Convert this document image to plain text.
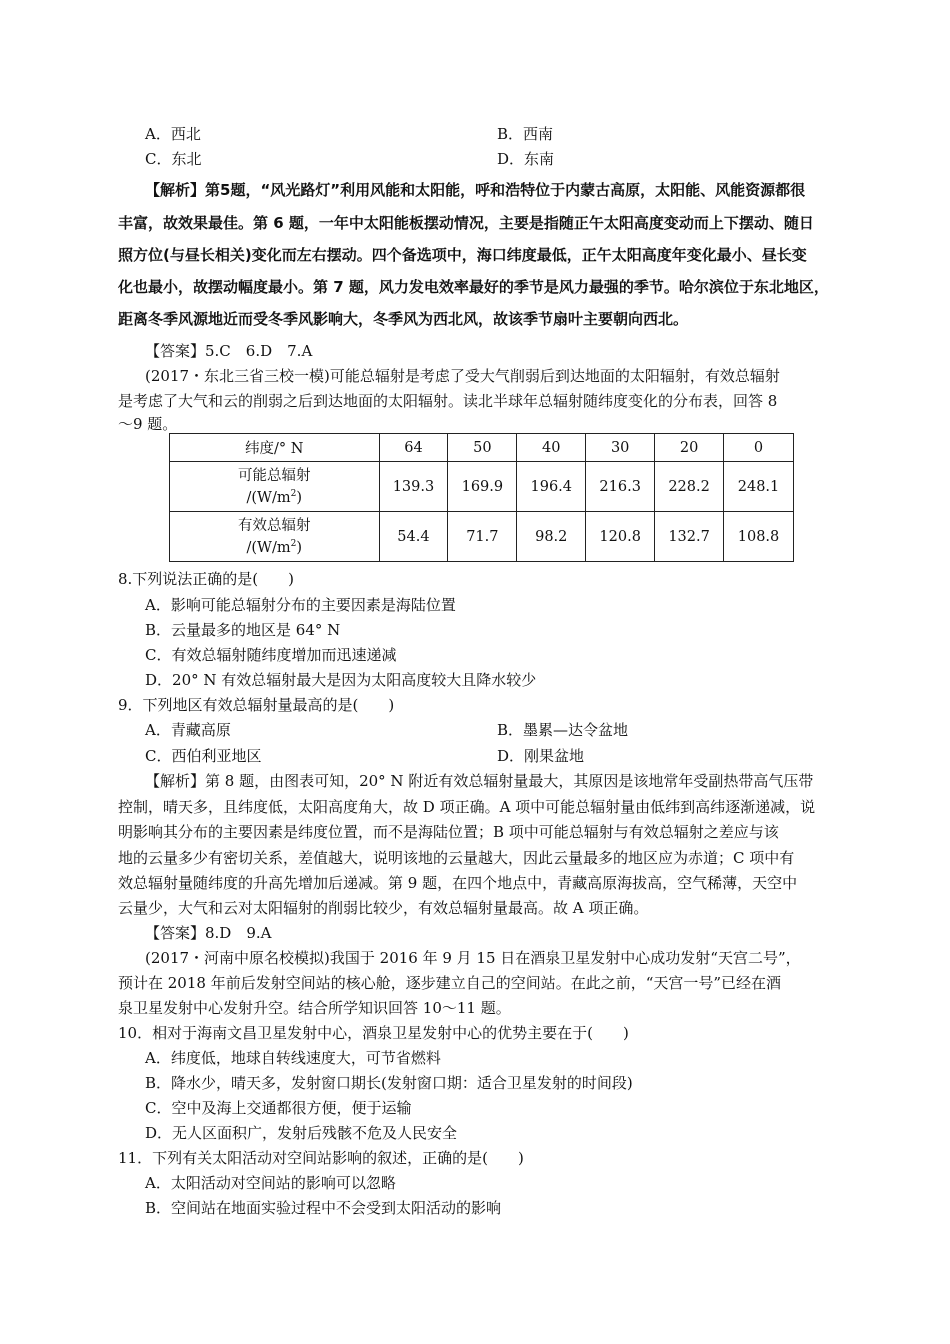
A．西北	B．西南
C．东北	D．东南
【解析】第5题，“风光路灯”利用风能和太阳能，呼和浩特位于内蒙古高原，太阳能、风能资源都很
丰富，故效果最佳。第 6 题，一年中太阳能板摆动情况，主要是指随正午太阳高度变动而上下摆动、随日
照方位(与昼长相关)变化而左右摆动。四个备选项中，海口纬度最低，正午太阳高度年变化最小、昼长变
化也最小，故摆动幅度最小。第 7 题，风力发电效率最好的季节是风力最强的季节。哈尔滨位于东北地区，
距离冬季风源地近而受冬季风影响大，冬季风为西北风，故该季节扇叶主要朝向西北。
【答案】5.C　6.D　7.A
(2017・东北三省三校一模)可能总辐射是考虑了受大气削弱后到达地面的太阳辐射，有效总辐射
是考虑了大气和云的削弱之后到达地面的太阳辐射。读北半球年总辐射随纬度变化的分布表，回答 8
～9 题。
纬度/° N	64	50	40	30	20	0

可能总辐射
$/(W/m^2)$	139.3	169.9	196.4	216.3	228.2	248.1

有效总辐射
$/(W/m^2)$	54.4	71.7	98.2	120.8	132.7	108.8
8.下列说法正确的是(　　)
A．影响可能总辐射分布的主要因素是海陆位置
B．云量最多的地区是 64° N
C．有效总辐射随纬度增加而迅速递减
D．20° N 有效总辐射最大是因为太阳高度较大且降水较少
9．下列地区有效总辐射量最高的是(　　)
A．青藏高原	B．墨累—达令盆地
C．西伯利亚地区	D．刚果盆地
【解析】第 8 题，由图表可知，20° N 附近有效总辐射量最大，其原因是该地常年受副热带高气压带
控制，晴天多，且纬度低，太阳高度角大，故 D 项正确。A 项中可能总辐射量由低纬到高纬逐渐递减，说
明影响其分布的主要因素是纬度位置，而不是海陆位置；B 项中可能总辐射与有效总辐射之差应与该
地的云量多少有密切关系，差值越大，说明该地的云量越大，因此云量最多的地区应为赤道；C 项中有
效总辐射量随纬度的升高先增加后递减。第 9 题，在四个地点中，青藏高原海拔高，空气稀薄，天空中
云量少，大气和云对太阳辐射的削弱比较少，有效总辐射量最高。故 A 项正确。
【答案】8.D　9.A
(2017・河南中原名校模拟)我国于 2016 年 9 月 15 日在酒泉卫星发射中心成功发射“天宫二号”，
预计在 2018 年前后发射空间站的核心舱，逐步建立自己的空间站。在此之前，“天宫一号”已经在酒
泉卫星发射中心发射升空。结合所学知识回答 10～11 题。
10．相对于海南文昌卫星发射中心，酒泉卫星发射中心的优势主要在于(　　)
A．纬度低，地球自转线速度大，可节省燃料
B．降水少，晴天多，发射窗口期长(发射窗口期：适合卫星发射的时间段)
C．空中及海上交通都很方便，便于运输
D．无人区面积广，发射后残骸不危及人民安全
11．下列有关太阳活动对空间站影响的叙述，正确的是(　　)
A．太阳活动对空间站的影响可以忽略
B．空间站在地面实验过程中不会受到太阳活动的影响
